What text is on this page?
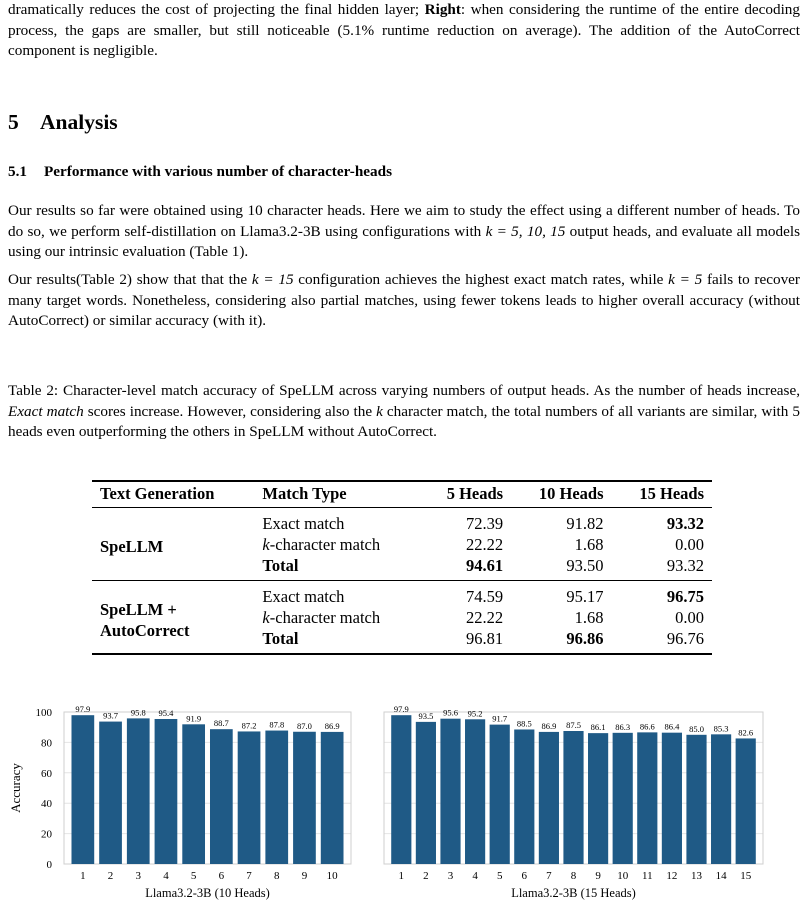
dramatically reduces the cost of projecting the final hidden layer; Right: when considering the runtime of the entire decoding process, the gaps are smaller, but still noticeable (5.1% runtime reduction on average). The addition of the AutoCorrect component is negligible.

5 Analysis
5.1 Performance with various number of character-heads

Our results so far were obtained using 10 character heads. Here we aim to study the effect using a different number of heads. To do so, we perform self-distillation on Llama3.2-3B using configurations with k = 5, 10, 15 output heads, and evaluate all models using our intrinsic evaluation (Table 1).

Our results(Table 2) show that that the k = 15 configuration achieves the highest exact match rates, while k = 5 fails to recover many target words. Nonetheless, considering also partial matches, using fewer tokens leads to higher overall accuracy (without AutoCorrect) or similar accuracy (with it).

Table 2: Character-level match accuracy of SpeLLM across varying numbers of output heads. As the number of heads increase, Exact match scores increase. However, considering also the k character match, the total numbers of all variants are similar, with 5 heads even outperforming the others in SpeLLM without AutoCorrect.

Text Generation	Match Type	5 Heads	10 Heads	15 Heads
SpeLLM	Exact match	72.39	91.82	93.32
	k-character match	22.22	1.68	0.00
	Total	94.61	93.50	93.32
SpeLLM +
AutoCorrect	Exact match	74.59	95.17	96.75
	k-character match	22.22	1.68	0.00
	Total	96.81	96.86	96.76
Accuracy
0
20
40
60
80
100	97.9
1
93.7
2
95.8
3
95.4
4
91.9
5
88.7
6
87.2
7
87.8
8
87.0
9
86.9
10
Llama3.2-3B (10 Heads)
97.9
1
93.5
2
95.6
3
95.2
4
91.7
5
88.5
6
86.9
7
87.5
8
86.1
9
86.3
10
86.6
11
86.4
12
85.0
13
85.3
14
82.6
15
Llama3.2-3B (15 Heads)
